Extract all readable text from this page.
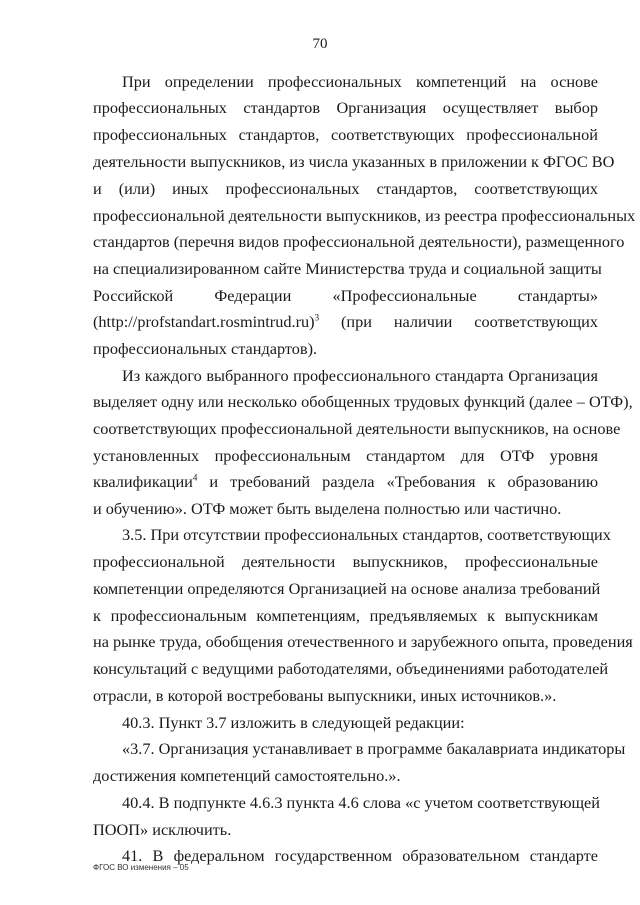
70
При определении профессиональных компетенций на основе
профессиональных стандартов Организация осуществляет выбор
профессиональных стандартов, соответствующих профессиональной
деятельности выпускников, из числа указанных в приложении к ФГОС ВО
и (или) иных профессиональных стандартов, соответствующих
профессиональной деятельности выпускников, из реестра профессиональных
стандартов (перечня видов профессиональной деятельности), размещенного
на специализированном сайте Министерства труда и социальной защиты
Российской Федерации «Профессиональные стандарты»
(http://profstandart.rosmintrud.ru)$^3$ (при наличии соответствующих
профессиональных стандартов).
Из каждого выбранного профессионального стандарта Организация
выделяет одну или несколько обобщенных трудовых функций (далее – ОТФ),
соответствующих профессиональной деятельности выпускников, на основе
установленных профессиональным стандартом для ОТФ уровня
квалификации$^4$ и требований раздела «Требования к образованию
и обучению». ОТФ может быть выделена полностью или частично.
3.5. При отсутствии профессиональных стандартов, соответствующих
профессиональной деятельности выпускников, профессиональные
компетенции определяются Организацией на основе анализа требований
к профессиональным компетенциям, предъявляемых к выпускникам
на рынке труда, обобщения отечественного и зарубежного опыта, проведения
консультаций с ведущими работодателями, объединениями работодателей
отрасли, в которой востребованы выпускники, иных источников.».
40.3. Пункт 3.7 изложить в следующей редакции:
«3.7. Организация устанавливает в программе бакалавриата индикаторы
достижения компетенций самостоятельно.».
40.4. В подпункте 4.6.3 пункта 4.6 слова «с учетом соответствующей
ПООП» исключить.
41. В федеральном государственном образовательном стандарте
ФГОС ВО изменения – 05
